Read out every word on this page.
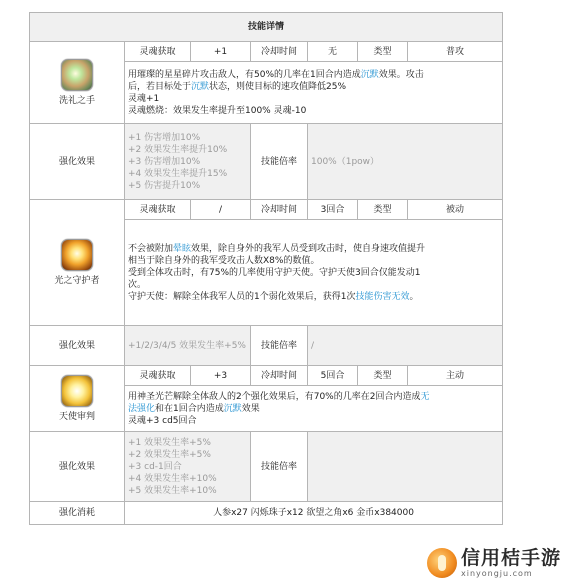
技能详情						

洗礼之手	灵魂获取	+1	冷却时间	无	类型	普攻

	用璀璨的星星碎片攻击敌人，有50%的几率在1回合内造成沉默效果。攻击
后，若目标处于沉默状态，则使目标的速攻值降低25%
灵魂+1
灵魂燃烧：效果发生率提升至100% 灵魂-10					

强化效果	+1 伤害增加10%
+2 效果发生率提升10%
+3 伤害增加10%
+4 效果发生率提升15%
+5 伤害提升10%		技能倍率	100%（1pow）		

光之守护者	灵魂获取	/	冷却时间	3回合	类型	被动

	不会被附加晕眩效果，除自身外的我军人员受到攻击时，使自身速攻值提升
相当于除自身外的我军受攻击人数X8%的数值。
受到全体攻击时，有75%的几率使用守护天使。守护天使3回合仅能发动1
次。
守护天使：解除全体我军人员的1个弱化效果后，获得1次技能伤害无效。					

强化效果	+1/2/3/4/5 效果发生率+5%		技能倍率	/		

天使审判	灵魂获取	+3	冷却时间	5回合	类型	主动

	用神圣光芒解除全体敌人的2个强化效果后，有70%的几率在2回合内造成无
法强化和在1回合内造成沉默效果
灵魂+3 cd5回合					

强化效果	+1 效果发生率+5%
+2 效果发生率+5%
+3 cd-1回合
+4 效果发生率+10%
+5 效果发生率+10%		技能倍率			
强化消耗	人参x27 闪烁珠子x12 欲望之角x6 金币x384000					
信用桔手游
xinyongju.com
